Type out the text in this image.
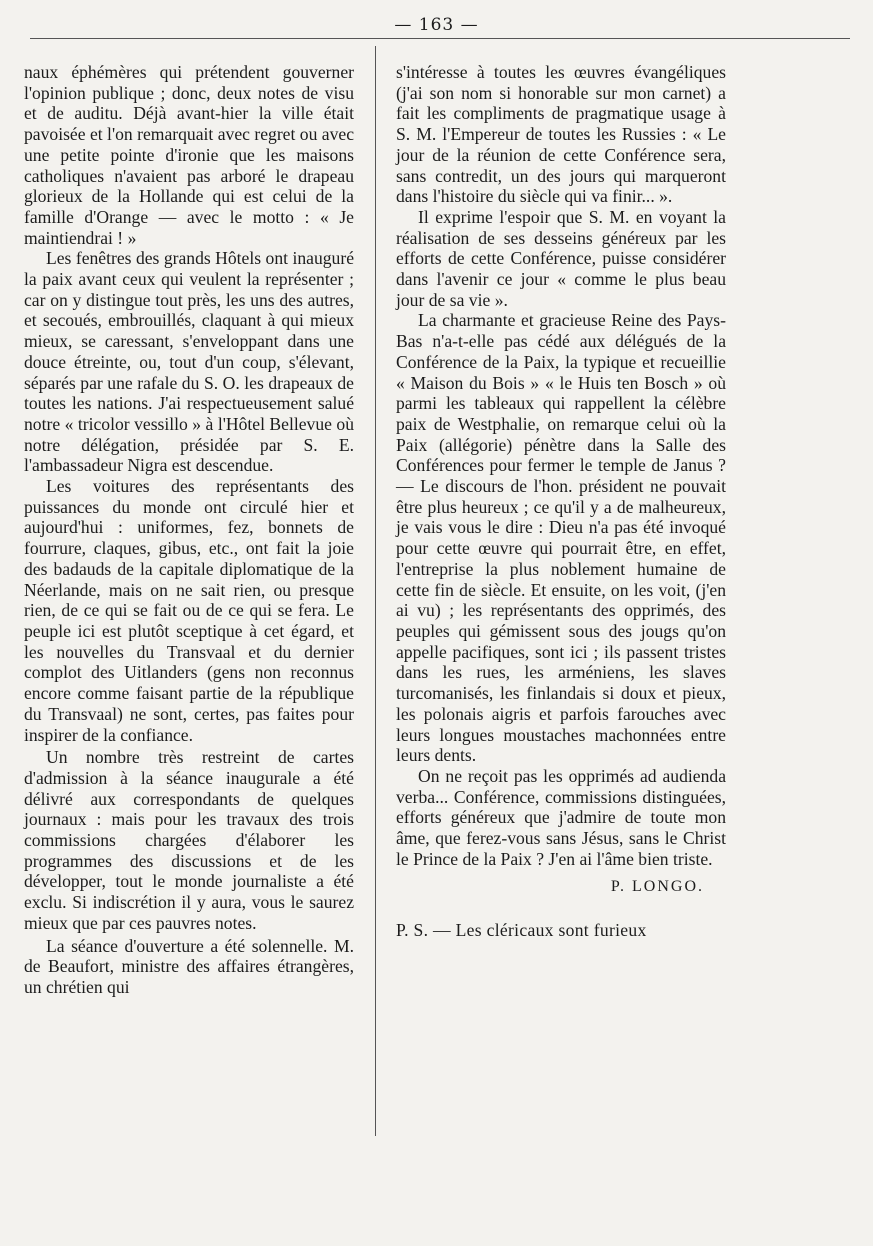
— 163 —

naux éphémères qui prétendent gouverner l'opinion publique ; donc, deux notes de visu et de auditu. Déjà avant-hier la ville était pavoisée et l'on remarquait avec regret ou avec une petite pointe d'ironie que les maisons catholiques n'avaient pas arboré le drapeau glorieux de la Hollande qui est celui de la famille d'Orange — avec le motto : « Je maintiendrai ! »

Les fenêtres des grands Hôtels ont inauguré la paix avant ceux qui veulent la représenter ; car on y distingue tout près, les uns des autres, et secoués, embrouillés, claquant à qui mieux mieux, se caressant, s'enveloppant dans une douce étreinte, ou, tout d'un coup, s'élevant, séparés par une rafale du S. O. les drapeaux de toutes les nations. J'ai respectueusement salué notre « tricolor vessillo » à l'Hôtel Bellevue où notre délégation, présidée par S. E. l'ambassadeur Nigra est descendue.

Les voitures des représentants des puissances du monde ont circulé hier et aujourd'hui : uniformes, fez, bonnets de fourrure, claques, gibus, etc., ont fait la joie des badauds de la capitale diplomatique de la Néerlande, mais on ne sait rien, ou presque rien, de ce qui se fait ou de ce qui se fera. Le peuple ici est plutôt sceptique à cet égard, et les nouvelles du Transvaal et du dernier complot des Uitlanders (gens non reconnus encore comme faisant partie de la république du Transvaal) ne sont, certes, pas faites pour inspirer de la confiance.

Un nombre très restreint de cartes d'admission à la séance inaugurale a été délivré aux correspondants de quelques journaux : mais pour les travaux des trois commissions chargées d'élaborer les programmes des discussions et de les développer, tout le monde journaliste a été exclu. Si indiscrétion il y aura, vous le saurez mieux que par ces pauvres notes.

La séance d'ouverture a été solennelle. M. de Beaufort, ministre des affaires étrangères, un chrétien qui

s'intéresse à toutes les œuvres évangéliques (j'ai son nom si honorable sur mon carnet) a fait les compliments de pragmatique usage à S. M. l'Empereur de toutes les Russies : « Le jour de la réunion de cette Conférence sera, sans contredit, un des jours qui marqueront dans l'histoire du siècle qui va finir... ».

Il exprime l'espoir que S. M. en voyant la réalisation de ses desseins généreux par les efforts de cette Conférence, puisse considérer dans l'avenir ce jour « comme le plus beau jour de sa vie ».

La charmante et gracieuse Reine des Pays-Bas n'a-t-elle pas cédé aux délégués de la Conférence de la Paix, la typique et recueillie « Maison du Bois » « le Huis ten Bosch » où parmi les tableaux qui rappellent la célèbre paix de Westphalie, on remarque celui où la Paix (allégorie) pénètre dans la Salle des Conférences pour fermer le temple de Janus ? — Le discours de l'hon. président ne pouvait être plus heureux ; ce qu'il y a de malheureux, je vais vous le dire : Dieu n'a pas été invoqué pour cette œuvre qui pourrait être, en effet, l'entreprise la plus noblement humaine de cette fin de siècle. Et ensuite, on les voit, (j'en ai vu) ; les représentants des opprimés, des peuples qui gémissent sous des jougs qu'on appelle pacifiques, sont ici ; ils passent tristes dans les rues, les arméniens, les slaves turcomanisés, les finlandais si doux et pieux, les polonais aigris et parfois farouches avec leurs longues moustaches machonnées entre leurs dents.

On ne reçoit pas les opprimés ad audienda verba... Conférence, commissions distinguées, efforts généreux que j'admire de toute mon âme, que ferez-vous sans Jésus, sans le Christ le Prince de la Paix ? J'en ai l'âme bien triste.

P. LONGO.

P. S. — Les cléricaux sont furieux
